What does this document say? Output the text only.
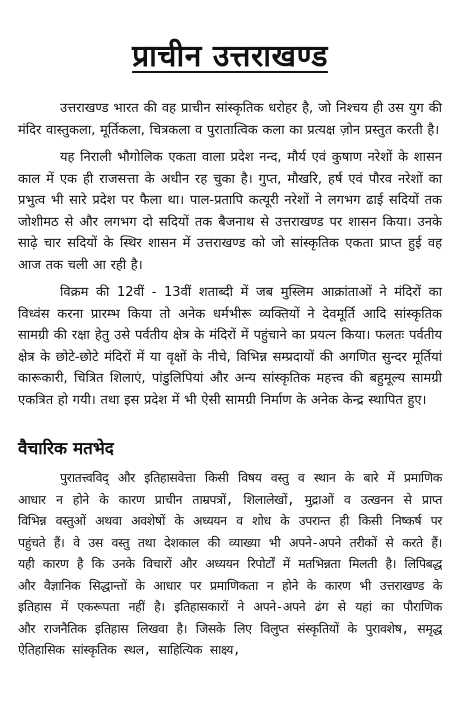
प्राचीन उत्तराखण्ड

उत्तराखण्ड भारत की वह प्राचीन सांस्कृतिक धरोहर है, जो निश्चय ही उस युग की मंदिर वास्तुकला, मूर्तिकला, चित्रकला व पुरातात्विक कला का प्रत्यक्ष ज़ोन प्रस्तुत करती है।

यह निराली भौगोलिक एकता वाला प्रदेश नन्द, मौर्य एवं कुषाण नरेशों के शासन काल में एक ही राजसत्ता के अधीन रह चुका है। गुप्त, मौखरि, हर्ष एवं पौरव नरेशों का प्रभुत्व भी सारे प्रदेश पर फैला था। पाल-प्रतापि कत्यूरी नरेशों ने लगभग ढाई सदियों तक जोशीमठ से और लगभग दो सदियों तक बैजनाथ से उत्तराखण्ड पर शासन किया। उनके साढ़े चार सदियों के स्थिर शासन में उत्तराखण्ड को जो सांस्कृतिक एकता प्राप्त हुई वह आज तक चली आ रही है।

विक्रम की 12वीं - 13वीं शताब्दी में जब मुस्लिम आक्रांताओं ने मंदिरों का विध्वंस करना प्रारम्भ किया तो अनेक धर्मभीरू व्यक्तियों ने देवमूर्ति आदि सांस्कृतिक सामग्री की रक्षा हेतु उसे पर्वतीय क्षेत्र के मंदिरों में पहुंचाने का प्रयत्न किया। फलतः पर्वतीय क्षेत्र के छोटे-छोटे मंदिरों में या वृक्षों के नीचे, विभिन्न सम्प्रदायों की अगणित सुन्दर मूर्तियां कारूकारी, चित्रित शिलाएं, पांडुलिपियां और अन्य सांस्कृतिक महत्त्व की बहुमूल्य सामग्री एकत्रित हो गयी। तथा इस प्रदेश में भी ऐसी सामग्री निर्माण के अनेक केन्द्र स्थापित हुए।

वैचारिक मतभेद

पुरातत्त्वविद् और इतिहासवेत्ता किसी विषय वस्तु व स्थान के बारे में प्रमाणिक आधार न होने के कारण प्राचीन ताम्रपत्रों, शिलालेखों, मुद्राओं व उत्खनन से प्राप्त विभिन्न वस्तुओं अथवा अवशेषों के अध्ययन व शोध के उपरान्त ही किसी निष्कर्ष पर पहुंचते हैं। वे उस वस्तु तथा देशकाल की व्याख्या भी अपने-अपने तरीकों से करते हैं। यही कारण है कि उनके विचारों और अध्ययन रिपोर्टों में मतभिन्नता मिलती है। लिपिबद्ध और वैज्ञानिक सिद्धान्तों के आधार पर प्रमाणिकता न होने के कारण भी उत्तराखण्ड के इतिहास में एकरूपता नहीं है। इतिहासकारों ने अपने-अपने ढंग से यहां का पौराणिक और राजनैतिक इतिहास लिखवा है। जिसके लिए विलुप्त संस्कृतियों के पुरावशेष, समृद्ध ऐतिहासिक सांस्कृतिक स्थल, साहित्यिक साक्ष्य,
